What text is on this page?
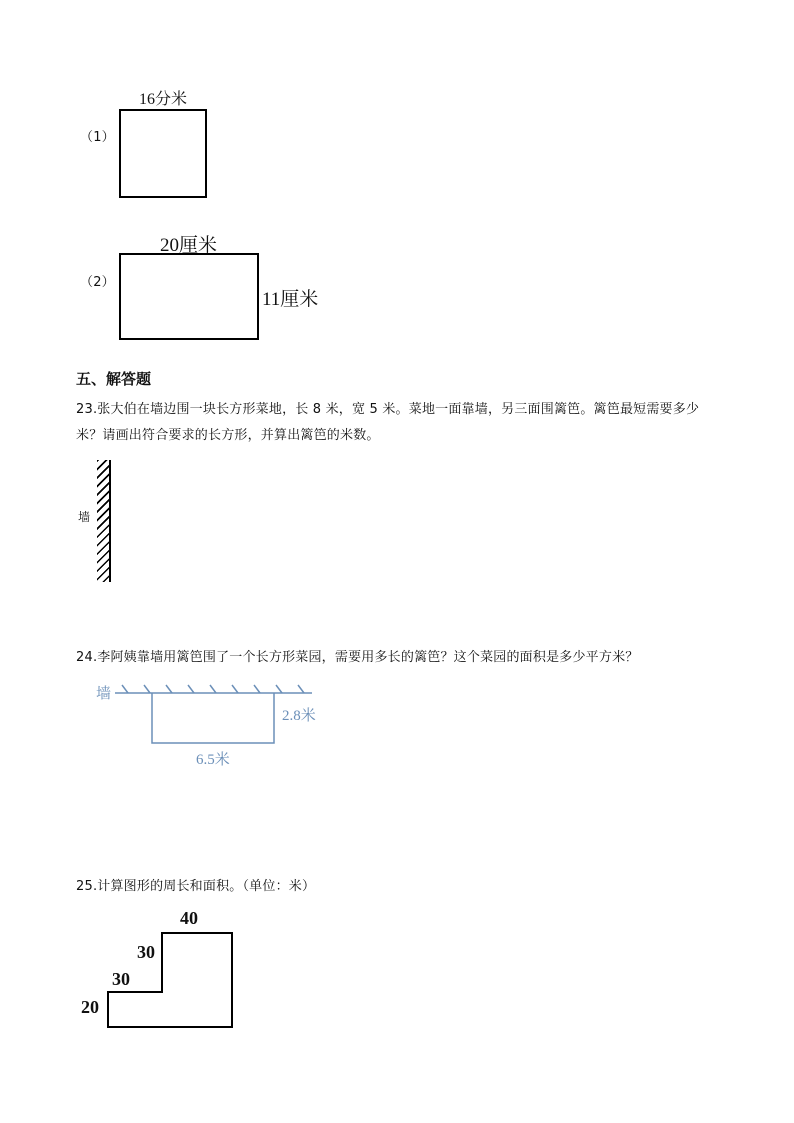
（1）
16分米
（2）
20厘米
11厘米
五、解答题
23.张大伯在墙边围一块长方形菜地，长 8 米，宽 5 米。菜地一面靠墙，另三面围篱笆。篱笆最短需要多少
米？请画出符合要求的长方形，并算出篱笆的米数。
墙
24.李阿姨靠墙用篱笆围了一个长方形菜园，需要用多长的篱笆？这个菜园的面积是多少平方米？
墙
2.8米
6.5米
25.计算图形的周长和面积。（单位：米）
40
30
30
20
